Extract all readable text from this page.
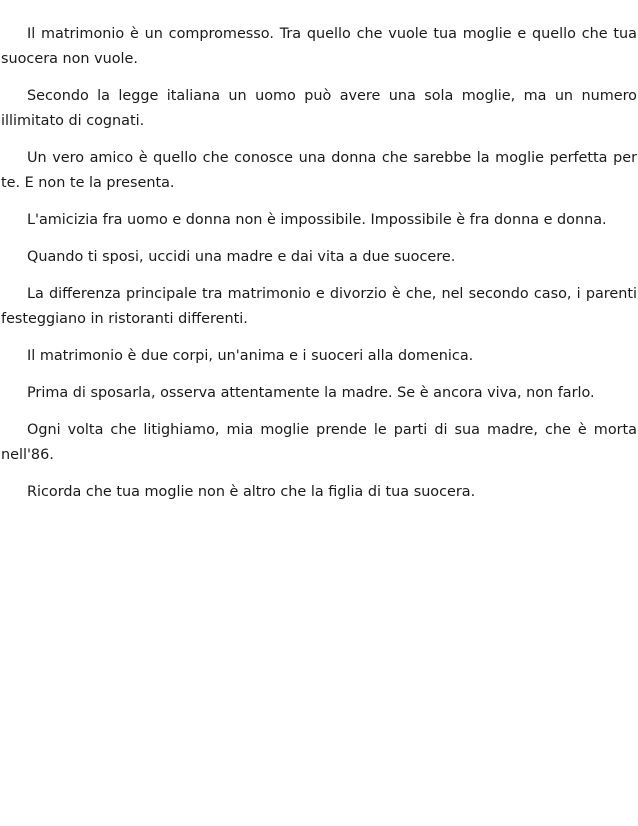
Il matrimonio è un compromesso. Tra quello che vuole tua moglie e quello che tua suocera non vuole.

Secondo la legge italiana un uomo può avere una sola moglie, ma un numero illimitato di cognati.

Un vero amico è quello che conosce una donna che sarebbe la moglie perfetta per te. E non te la presenta.

L'amicizia fra uomo e donna non è impossibile. Impossibile è fra donna e donna.

Quando ti sposi, uccidi una madre e dai vita a due suocere.

La differenza principale tra matrimonio e divorzio è che, nel secondo caso, i parenti festeggiano in ristoranti differenti.

Il matrimonio è due corpi, un'anima e i suoceri alla domenica.

Prima di sposarla, osserva attentamente la madre. Se è ancora viva, non farlo.

Ogni volta che litighiamo, mia moglie prende le parti di sua madre, che è morta nell'86.

Ricorda che tua moglie non è altro che la figlia di tua suocera.
